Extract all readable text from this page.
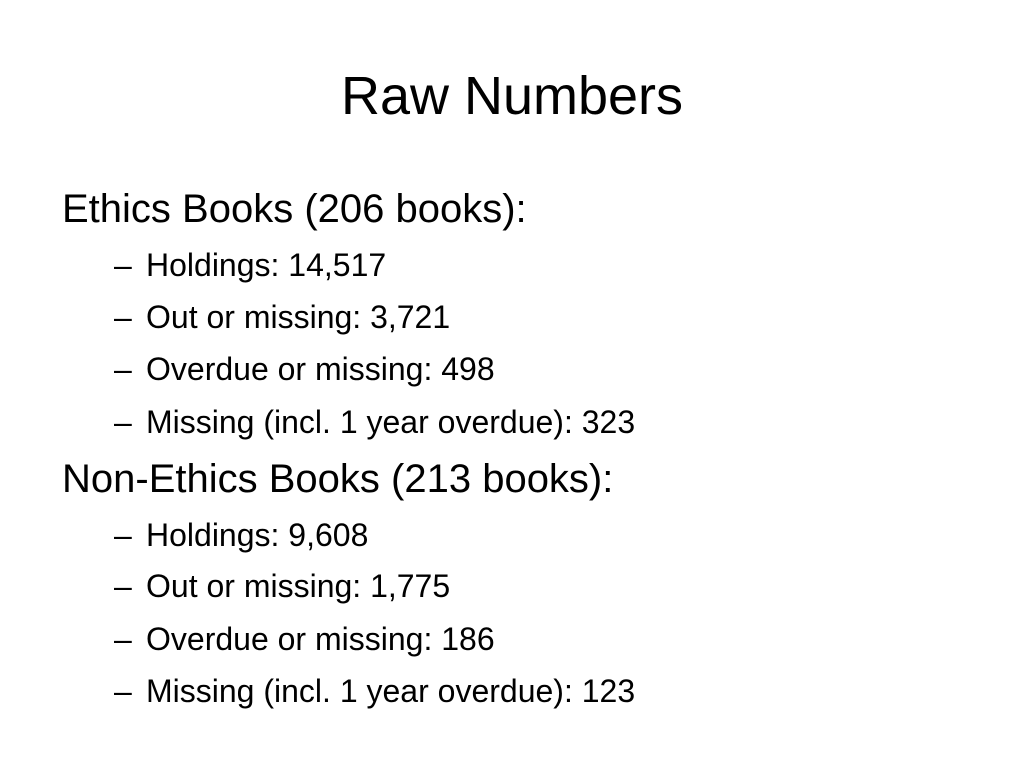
Raw Numbers
Ethics Books (206 books):
– Holdings: 14,517
– Out or missing: 3,721
– Overdue or missing: 498
– Missing (incl. 1 year overdue): 323
Non-Ethics Books (213 books):
– Holdings: 9,608
– Out or missing: 1,775
– Overdue or missing: 186
– Missing (incl. 1 year overdue): 123
